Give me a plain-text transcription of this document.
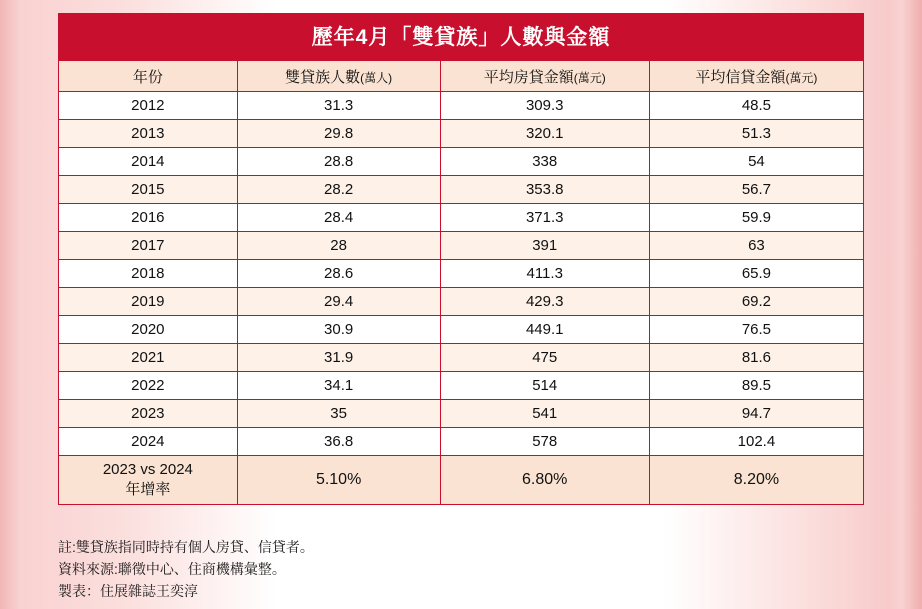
歷年4月「雙貸族」人數與金額
年份	雙貸族人數(萬人)	平均房貸金額(萬元)	平均信貸金額(萬元)
2012	31.3	309.3	48.5
2013	29.8	320.1	51.3
2014	28.8	338	54
2015	28.2	353.8	56.7
2016	28.4	371.3	59.9
2017	28	391	63
2018	28.6	411.3	65.9
2019	29.4	429.3	69.2
2020	30.9	449.1	76.5
2021	31.9	475	81.6
2022	34.1	514	89.5
2023	35	541	94.7
2024	36.8	578	102.4

2023 vs 2024
年增率	5.10%	6.80%	8.20%
註:雙貸族指同時持有個人房貸、信貸者。
資料來源:聯徵中心、住商機構彙整。
製表：住展雜誌王奕淳
